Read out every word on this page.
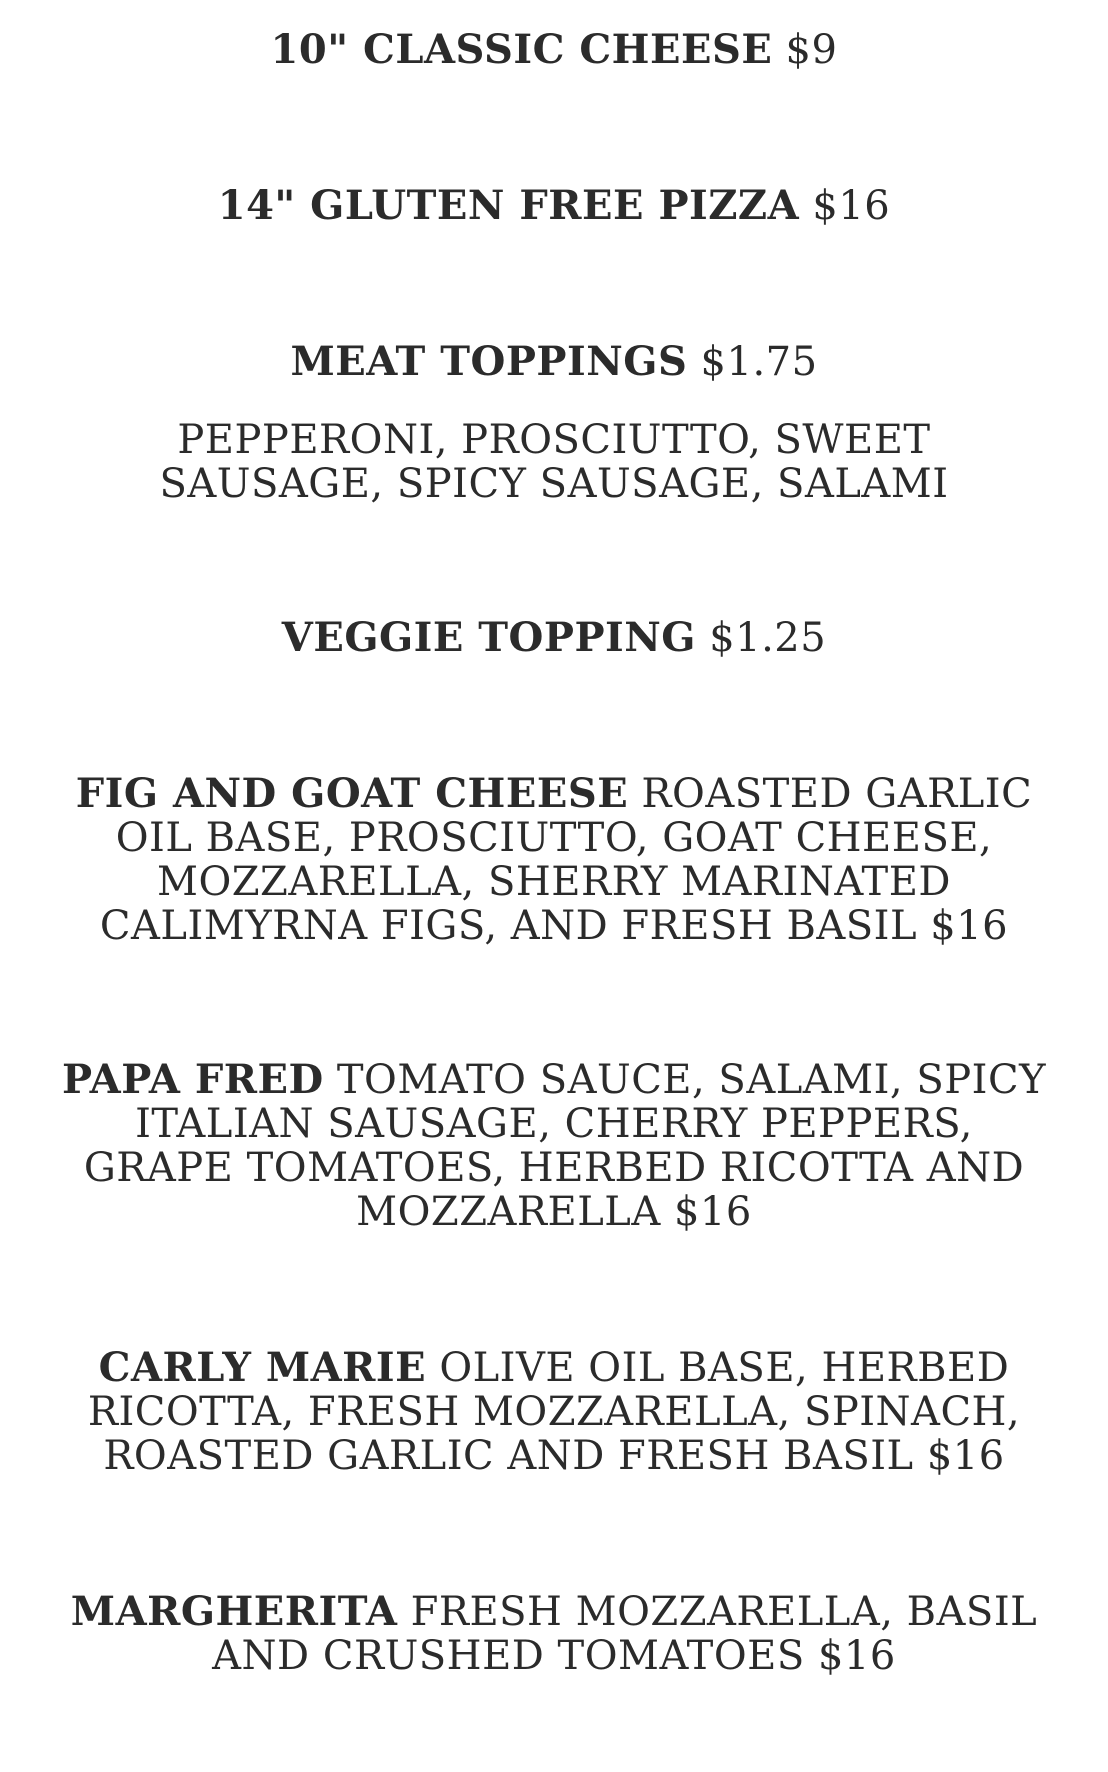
10" CLASSIC CHEESE $9
14" GLUTEN FREE PIZZA $16
MEAT TOPPINGS $1.75
PEPPERONI, PROSCIUTTO, SWEET SAUSAGE, SPICY SAUSAGE, SALAMI
VEGGIE TOPPING $1.25
FIG AND GOAT CHEESE ROASTED GARLIC OIL BASE, PROSCIUTTO, GOAT CHEESE, MOZZARELLA, SHERRY MARINATED CALIMYRNA FIGS, AND FRESH BASIL $16
PAPA FRED TOMATO SAUCE, SALAMI, SPICY ITALIAN SAUSAGE, CHERRY PEPPERS, GRAPE TOMATOES, HERBED RICOTTA AND MOZZARELLA $16
CARLY MARIE OLIVE OIL BASE, HERBED RICOTTA, FRESH MOZZARELLA, SPINACH, ROASTED GARLIC AND FRESH BASIL $16
MARGHERITA FRESH MOZZARELLA, BASIL AND CRUSHED TOMATOES $16
